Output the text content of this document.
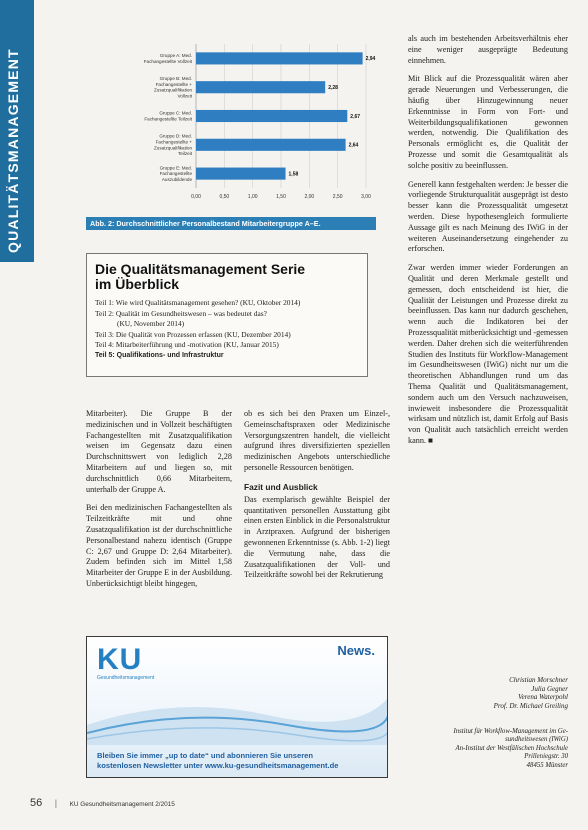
QUALITÄTSMANAGEMENT	0,00	0,50	1,00	1,50	2,00	2,50	3,00
Gruppe A: Med. Fachangestellte Vollzeit	2,94
Gruppe B: Med. Fachangestellte + Zusatzqualifikation Vollzeit
2,28
Gruppe C: Med. Fachangestellte Teilzeit	2,67
Gruppe D: Med. Fachangestellte + Zusatzqualifikation Teilzeit
2,64
Gruppe E: Med. Fachangestellte Auszubildende
1,58
Abb. 2: Durchschnittlicher Personalbestand Mitarbeitergruppe A–E.
Die Qualitätsmanagement Serie
im Überblick

Teil 1: Wie wird Qualitätsmanagement gesehen? (KU, Oktober 2014)

Teil 2: Qualität im Gesundheitswesen – was bedeutet das?

(KU, November 2014)

Teil 3: Die Qualität von Prozessen erfassen (KU, Dezember 2014)

Teil 4: Mitarbeiterführung und -motivation (KU, Januar 2015)

Teil 5: Qualifikations- und Infrastruktur

Mitarbeiter). Die Gruppe B der medizinischen und in Vollzeit beschäftigten Fachangestellten mit Zusatzqualifikation weisen im Gegensatz dazu einen Durchschnittswert von lediglich 2,28 Mitarbeitern auf und liegen so, mit durchschnittlich 0,66 Mitarbeitern, unterhalb der Gruppe A.

Bei den medizinischen Fachangestellten als Teilzeitkräfte mit und ohne Zusatzqualifikation ist der durchschnittliche Personalbestand nahezu identisch (Gruppe C: 2,67 und Gruppe D: 2,64 Mitarbeiter). Zudem befinden sich im Mittel 1,58 Mitarbeiter der Gruppe E in der Ausbildung. Unberücksichtigt bleibt hingegen,

ob es sich bei den Praxen um Einzel-, Gemeinschaftspraxen oder Medizinische Versorgungszentren handelt, die vielleicht aufgrund ihres diversifizierten speziellen medizinischen Angebots unterschiedliche personelle Ressourcen benötigen.

Fazit und Ausblick

Das exemplarisch gewählte Beispiel der quantitativen personellen Ausstattung gibt einen ersten Einblick in die Personalstruktur in Arztpraxen. Aufgrund der bisherigen gewonnenen Erkenntnisse (s. Abb. 1-2) liegt die Vermutung nahe, dass die Zusatzqualifikationen der Voll- und Teilzeitkräfte sowohl bei der Rekrutierung

als auch im bestehenden Arbeitsverhältnis eher eine weniger ausgeprägte Bedeutung einnehmen.

Mit Blick auf die Prozessqualität wären aber gerade Neuerungen und Verbesserungen, die häufig über Hinzugewinnung neuer Erkenntnisse in Form von Fort- und Weiterbildungsqualifikationen gewonnen werden, notwendig. Die Qualifikation des Personals ermöglicht es, die Qualität der Prozesse und somit die Gesamtqualität als solche positiv zu beeinflussen.

Generell kann festgehalten werden: Je besser die vorliegende Strukturqualität ausgeprägt ist desto besser kann die Prozessqualität umgesetzt werden. Diese hypothesengleich formulierte Aussage gilt es nach Meinung des IWiG in der weiteren Auseinandersetzung eingehender zu erforschen.

Zwar werden immer wieder Forderungen an Qualität und deren Merkmale gestellt und gemessen, doch entscheidend ist hier, die Qualität der Leistungen und Prozesse direkt zu beeinflussen. Das kann nur dadurch geschehen, wenn auch die Indikatoren bei der Prozessqualität mitberücksichtigt und -gemessen werden. Daher drehen sich die weiterführenden Studien des Instituts für Workflow-Management im Gesundheitswesen (IWiG) nicht nur um die theoretischen Abhandlungen rund um das Thema Qualität und Qualitätsmanagement, sondern auch um den Versuch nachzuweisen, inwieweit insbesondere die Prozessqualität wirksam und nützlich ist, damit Erfolg auf Basis von Qualität auch tatsächlich erreicht werden kann. ■

KU
Gesundheitsmanagement
News.
Bleiben Sie immer „up to date“ und abonnieren Sie unseren
kostenlosen Newsletter unter www.ku-gesundheitsmanagement.de

Christian Morschner

Julia Gegner

Verena Waterpohl

Prof. Dr. Michael Greiling

Institut für Workflow-Management im Ge-

sundheitswesen (IWiG)

An-Institut der Westfälischen Hochschule

Prilleniegstr. 30

48455 Münster

56 | KU Gesundheitsmanagement 2/2015
